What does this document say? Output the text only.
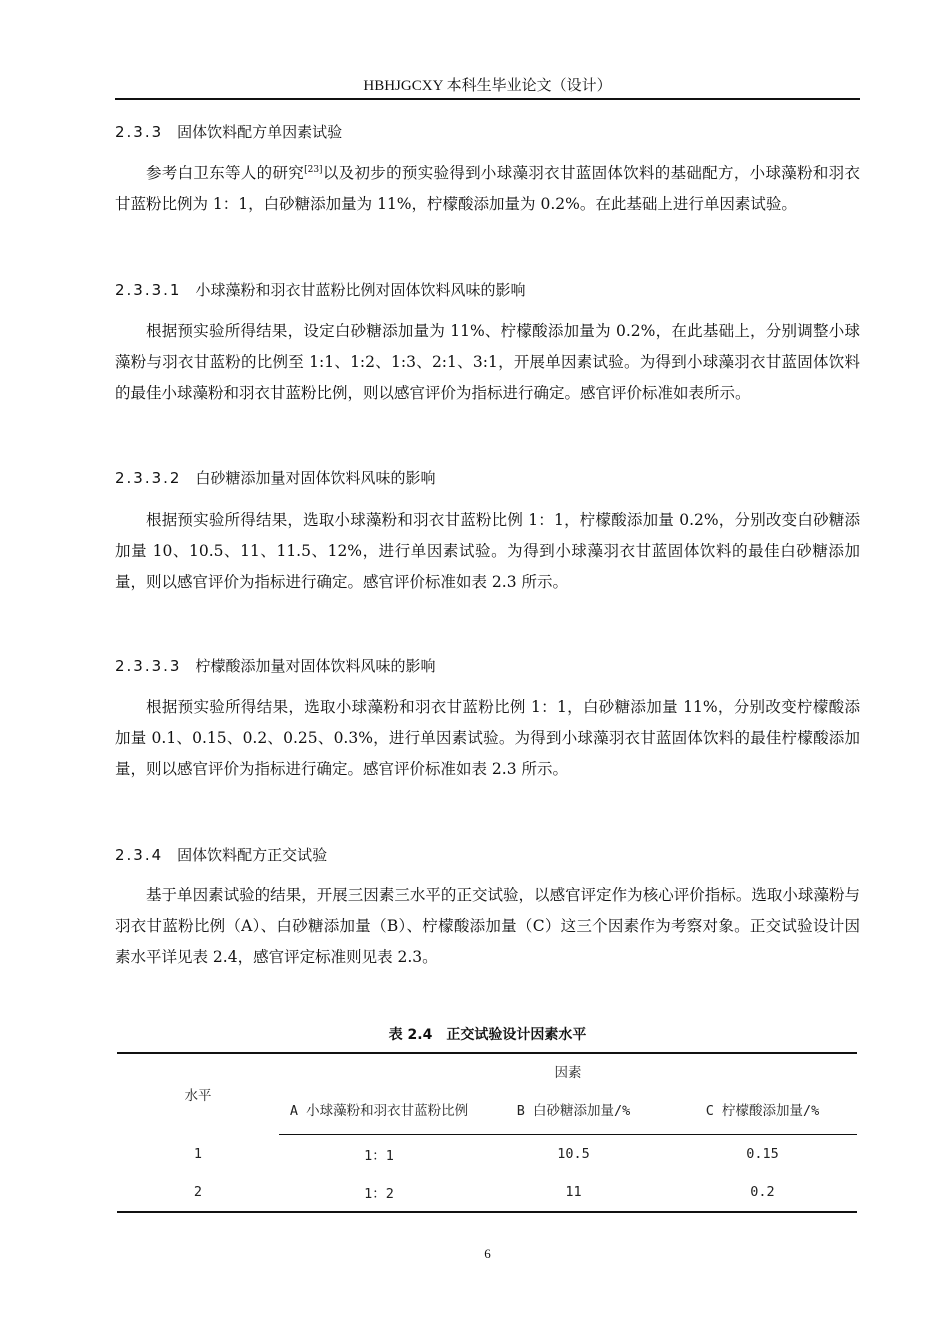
HBHJGCXY 本科生毕业论文（设计）
2.3.3 固体饮料配方单因素试验

参考白卫东等人的研究[23]以及初步的预实验得到小球藻羽衣甘蓝固体饮料的基础配方，小球藻粉和羽衣甘蓝粉比例为 1：1，白砂糖添加量为 11%，柠檬酸添加量为 0.2%。在此基础上进行单因素试验。

2.3.3.1 小球藻粉和羽衣甘蓝粉比例对固体饮料风味的影响

根据预实验所得结果，设定白砂糖添加量为 11%、柠檬酸添加量为 0.2%，在此基础上，分别调整小球藻粉与羽衣甘蓝粉的比例至 1:1、1:2、1:3、2:1、3:1，开展单因素试验。为得到小球藻羽衣甘蓝固体饮料的最佳小球藻粉和羽衣甘蓝粉比例，则以感官评价为指标进行确定。感官评价标准如表所示。

2.3.3.2 白砂糖添加量对固体饮料风味的影响

根据预实验所得结果，选取小球藻粉和羽衣甘蓝粉比例 1：1，柠檬酸添加量 0.2%，分别改变白砂糖添加量 10、10.5、11、11.5、12%，进行单因素试验。为得到小球藻羽衣甘蓝固体饮料的最佳白砂糖添加量，则以感官评价为指标进行确定。感官评价标准如表 2.3 所示。

2.3.3.3 柠檬酸添加量对固体饮料风味的影响

根据预实验所得结果，选取小球藻粉和羽衣甘蓝粉比例 1：1，白砂糖添加量 11%，分别改变柠檬酸添加量 0.1、0.15、0.2、0.25、0.3%，进行单因素试验。为得到小球藻羽衣甘蓝固体饮料的最佳柠檬酸添加量，则以感官评价为指标进行确定。感官评价标准如表 2.3 所示。

2.3.4 固体饮料配方正交试验

基于单因素试验的结果，开展三因素三水平的正交试验，以感官评定作为核心评价指标。选取小球藻粉与羽衣甘蓝粉比例（A）、白砂糖添加量（B）、柠檬酸添加量（C）这三个因素作为考察对象。正交试验设计因素水平详见表 2.4，感官评定标准则见表 2.3。

表 2.4　正交试验设计因素水平
水平	因素		
	A 小球藻粉和羽衣甘蓝粉比例	B 白砂糖添加量/%	C 柠檬酸添加量/%
1	1：1	10.5	0.15
2	1：2	11	0.2
6
